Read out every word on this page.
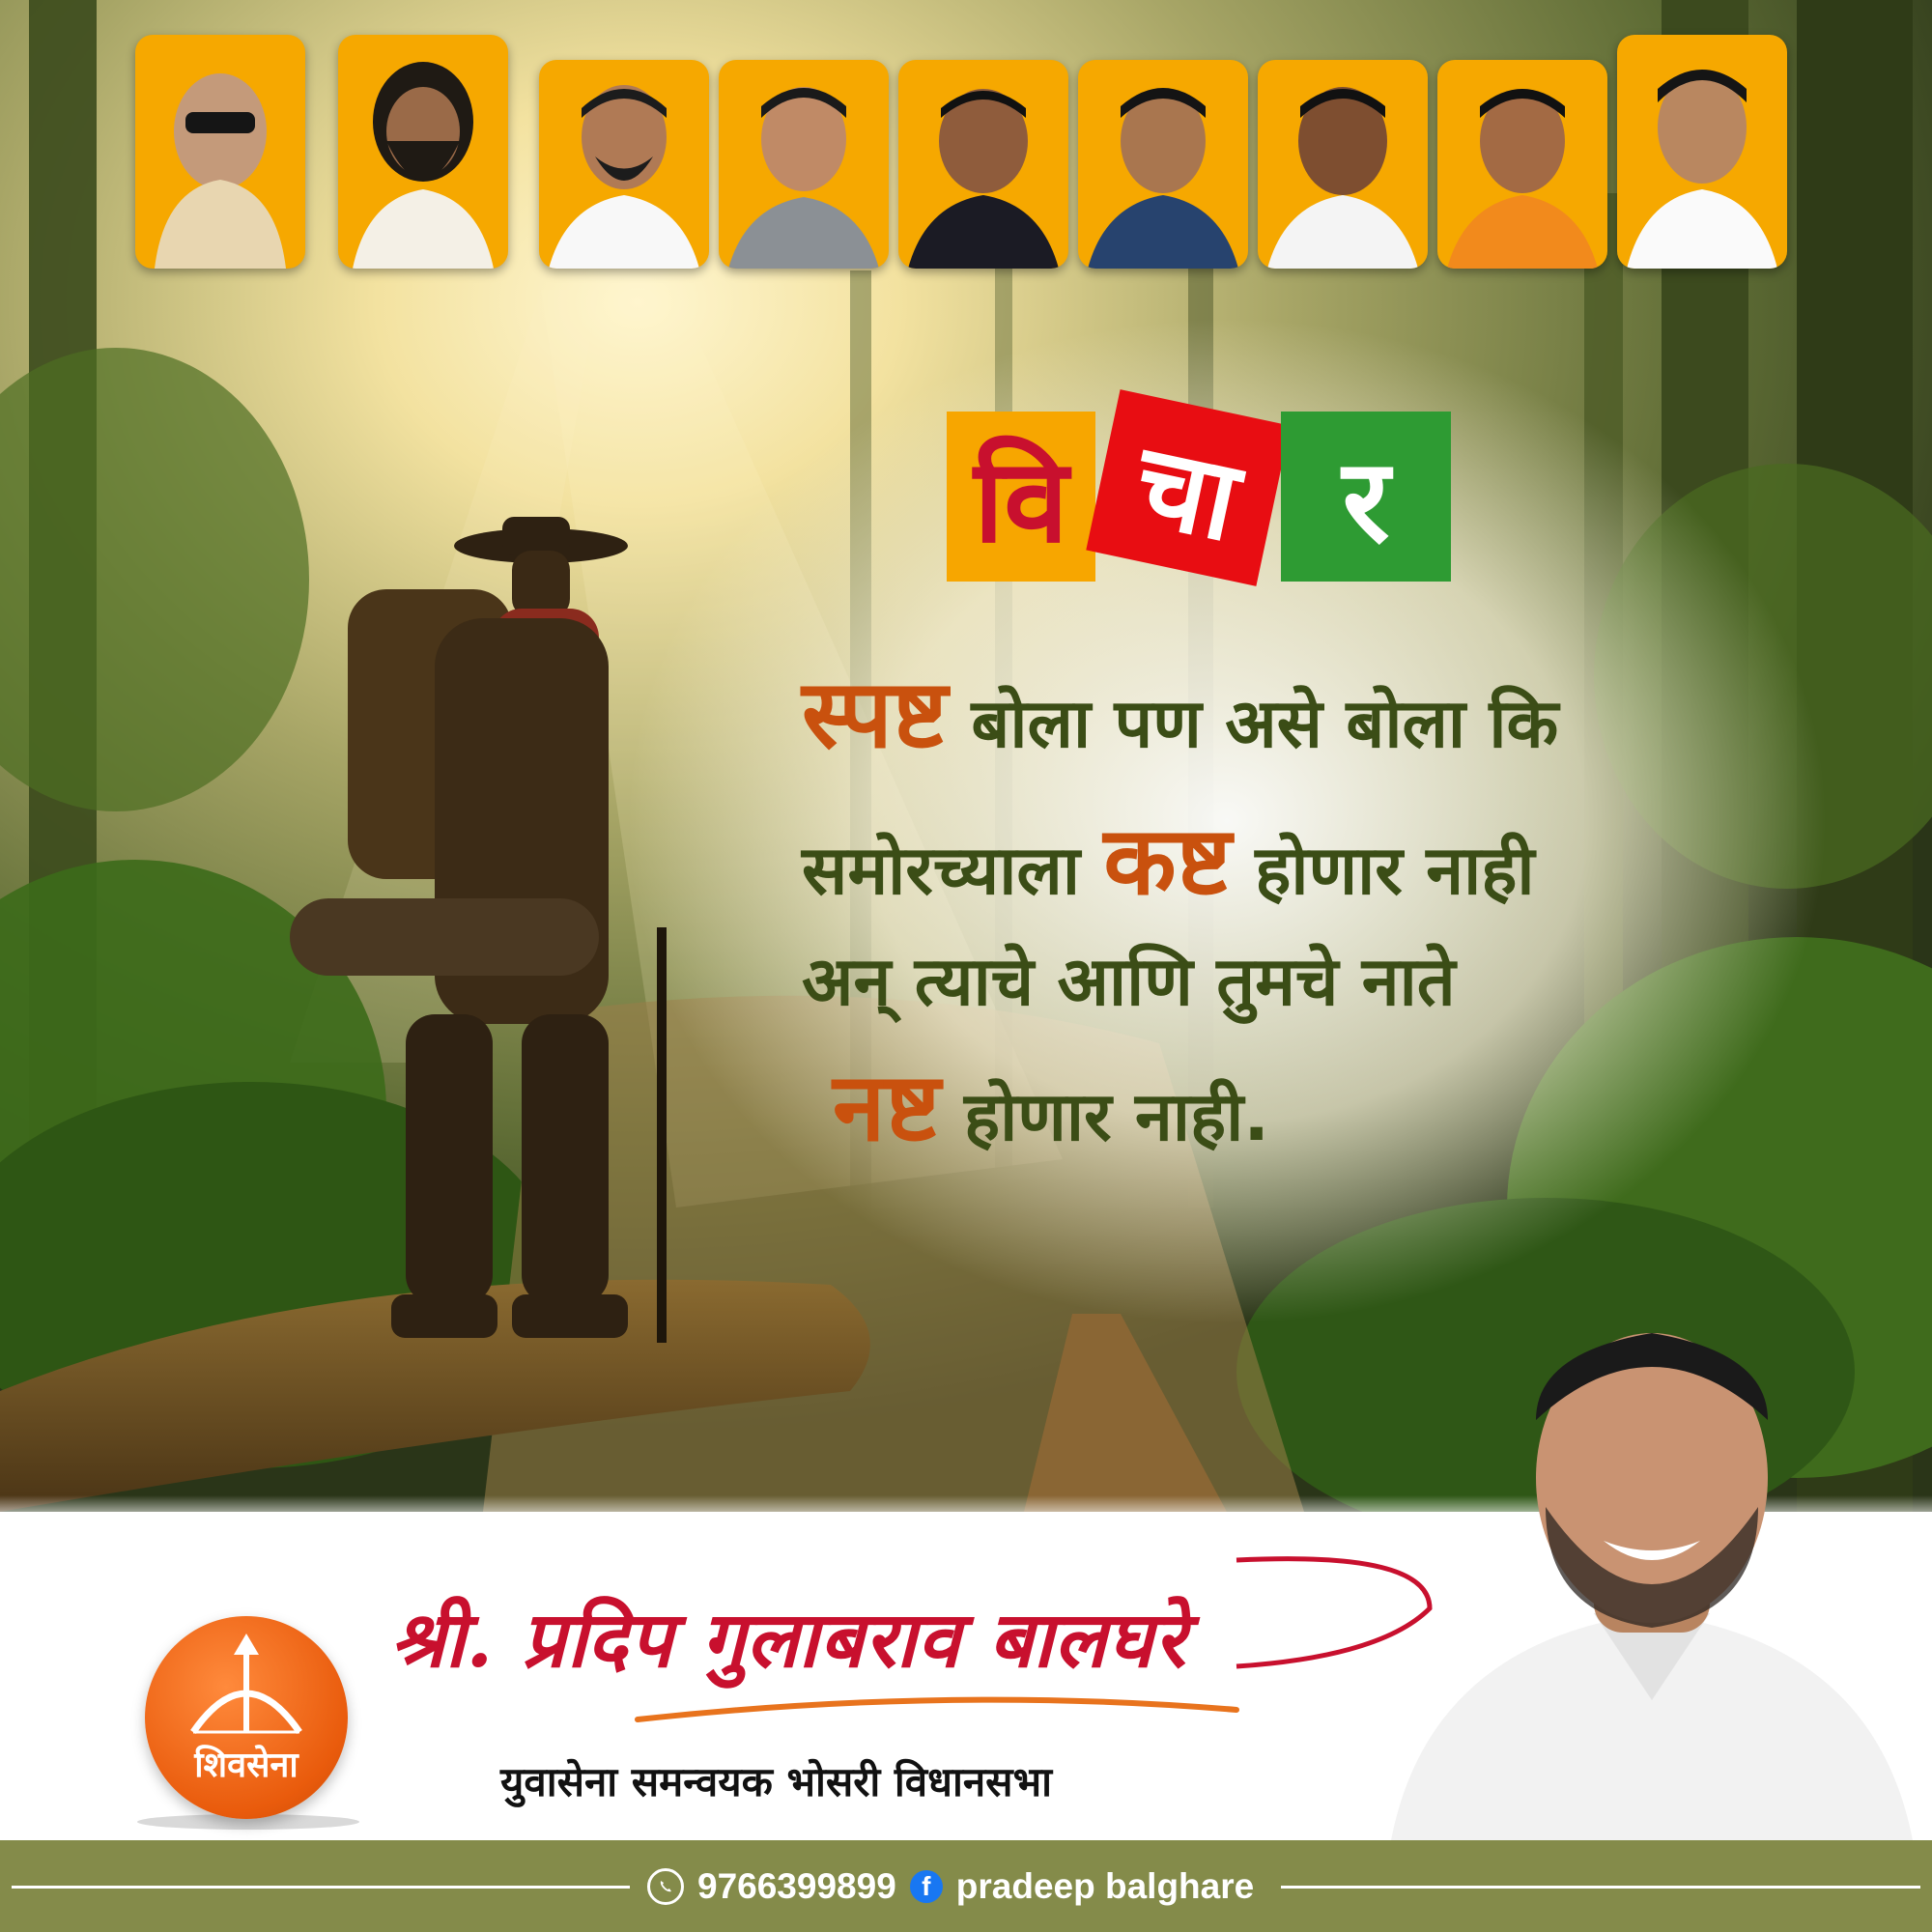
वि चा र
स्पष्ट बोला पण असे बोला कि
समोरच्याला कष्ट होणार नाही
अन् त्याचे आणि तुमचे नाते
नष्ट होणार नाही.
शिवसेना
श्री. प्रदिप गुलाबराव बालघरे
युवासेना समन्वयक भोसरी विधानसभा
9766399899 f pradeep balghare
